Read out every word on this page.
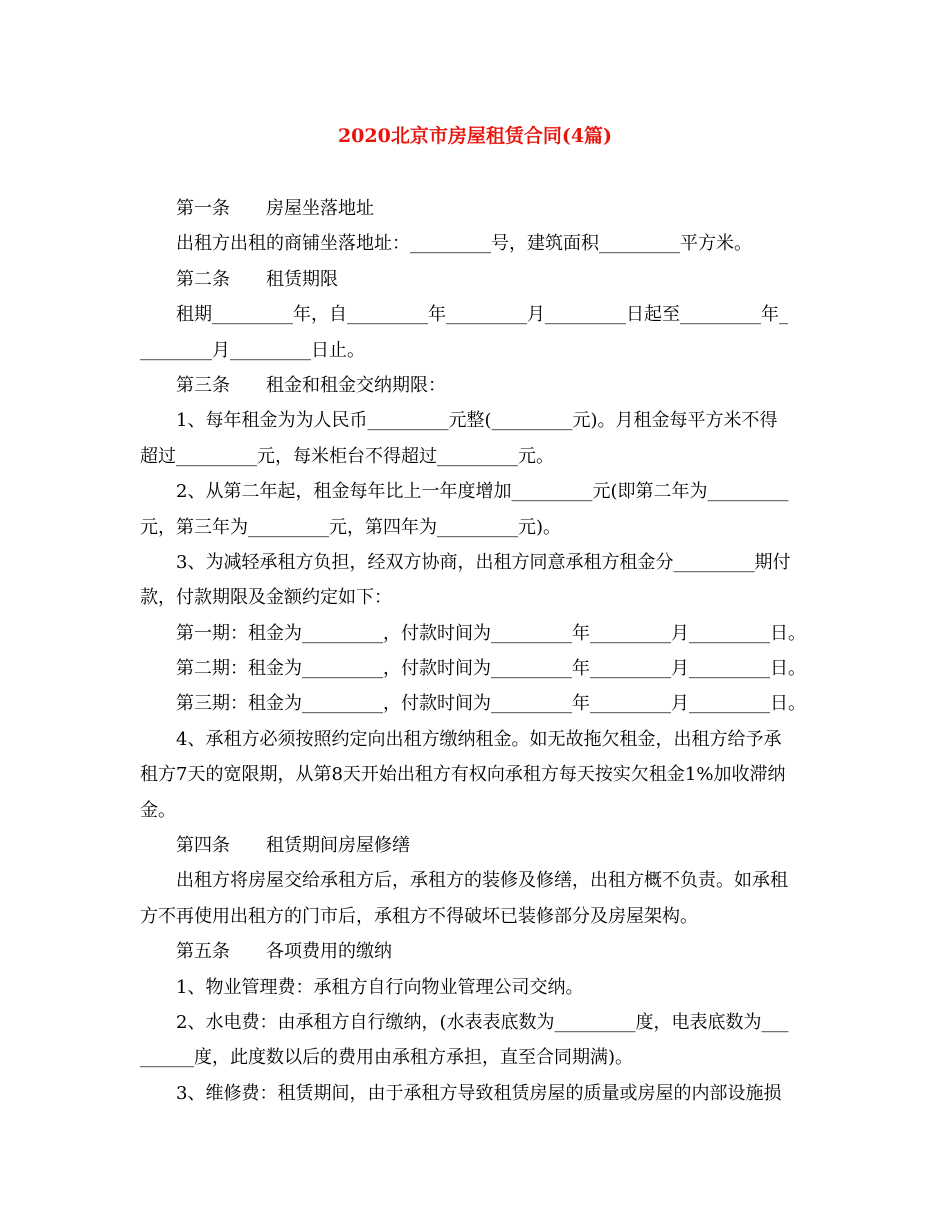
2020北京市房屋租赁合同(4篇)
第一条　　房屋坐落地址
出租方出租的商铺坐落地址：_________号，建筑面积_________平方米。
第二条　　租赁期限
租期_________年，自_________年_________月_________日起至_________年_
________月_________日止。
第三条　　租金和租金交纳期限：
1、每年租金为为人民币_________元整(_________元)。月租金每平方米不得
超过_________元，每米柜台不得超过_________元。
2、从第二年起，租金每年比上一年度增加_________元(即第二年为_________
元，第三年为_________元，第四年为_________元)。
3、为减轻承租方负担，经双方协商，出租方同意承租方租金分_________期付
款，付款期限及金额约定如下：
第一期：租金为_________，付款时间为_________年_________月_________日。
第二期：租金为_________，付款时间为_________年_________月_________日。
第三期：租金为_________，付款时间为_________年_________月_________日。
4、承租方必须按照约定向出租方缴纳租金。如无故拖欠租金，出租方给予承
租方7天的宽限期，从第8天开始出租方有权向承租方每天按实欠租金1%加收滞纳
金。
第四条　　租赁期间房屋修缮
出租方将房屋交给承租方后，承租方的装修及修缮，出租方概不负责。如承租
方不再使用出租方的门市后，承租方不得破坏已装修部分及房屋架构。
第五条　　各项费用的缴纳
1、物业管理费：承租方自行向物业管理公司交纳。
2、水电费：由承租方自行缴纳，(水表表底数为_________度，电表底数为___
______度，此度数以后的费用由承租方承担，直至合同期满)。
3、维修费：租赁期间，由于承租方导致租赁房屋的质量或房屋的内部设施损
